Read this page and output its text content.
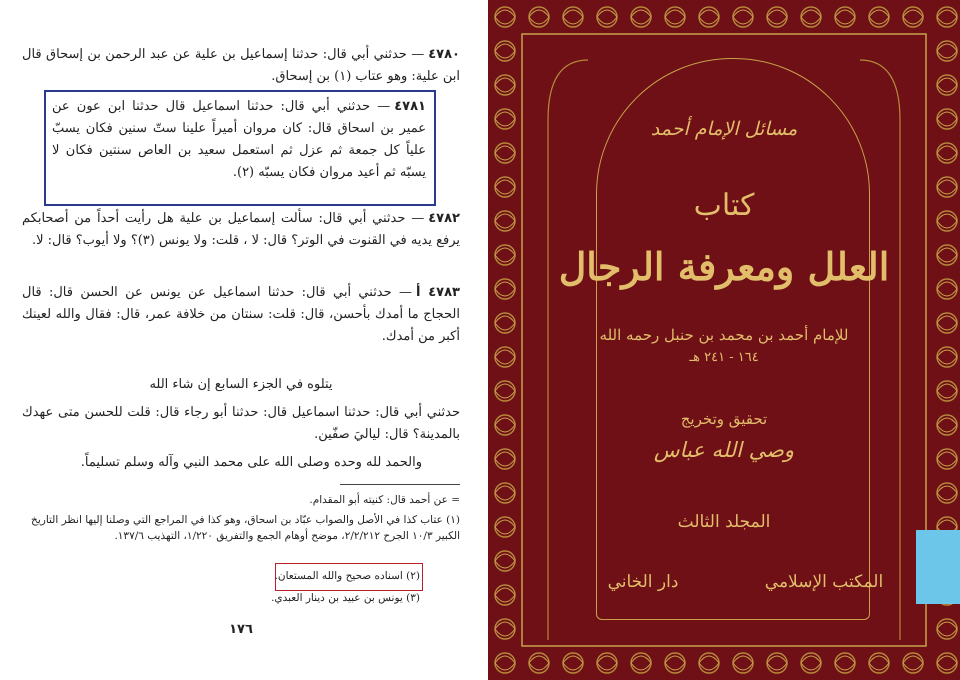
٤٧٨٠— حدثني أبي قال: حدثنا إسماعيل بن علية عن عبد الرحمن بن إسحاق قال ابن علية: وهو عتاب (١) بن إسحاق.
٤٧٨١— حدثني أبي قال: حدثنا اسماعيل قال حدثنا ابن عون عن عمير بن اسحاق قال: كان مروان أميراً علينا ستّ سنين فكان يسبّ علياً كل جمعة ثم عزل ثم استعمل سعيد بن العاص سنتين فكان لا يسبّه ثم أعيد مروان فكان يسبّه (٢).
٤٧٨٢— حدثني أبي قال: سألت إسماعيل بن علية هل رأيت أحداً من أصحابكم يرفع يديه في القنوت في الوتر؟ قال: لا ، قلت: ولا يونس (٣)؟ ولا أيوب؟ قال: لا.
٤٧٨٣ أ— حدثني أبي قال: حدثنا اسماعيل عن يونس عن الحسن قال: قال الحجاج ما أمدك بأحسن، قال: قلت: سنتان من خلافة عمر، قال: فقال والله لعينك أكبر من أمدك.
يتلوه في الجزء السابع إن شاء الله
حدثني أبي قال: حدثنا اسماعيل قال: حدثنا أبو رجاء قال: قلت للحسن متى عهدك بالمدينة؟ قال: لياليَ صفّين.
والحمد لله وحده وصلى الله على محمد النبي وآله وسلم تسليماً.
= عن أحمد قال: كنيته أبو المقدام.
(١) عتاب كذا في الأصل والصواب عبّاد بن اسحاق، وهو كذا في المراجع التي وصلنا إليها انظر التاريخ الكبير ١٠/٣ الجرح ٢/٢/٢١٢، موضح أوهام الجمع والتفريق ١/٢٢٠، التهذيب ١٣٧/٦.
(٢) اسناده صحيح والله المستعان.
(٣) يونس بن عبيد بن دينار العبدي.
١٧٦
مسائل الإمام أحمد
كتاب
العلل ومعرفة الرجال
للإمام أحمد بن محمد بن حنبل رحمه الله
١٦٤ - ٢٤١ هـ
تحقيق وتخريج
وصي الله عباس
المجلد الثالث
المكتب الإسلامي
دار الخاني
